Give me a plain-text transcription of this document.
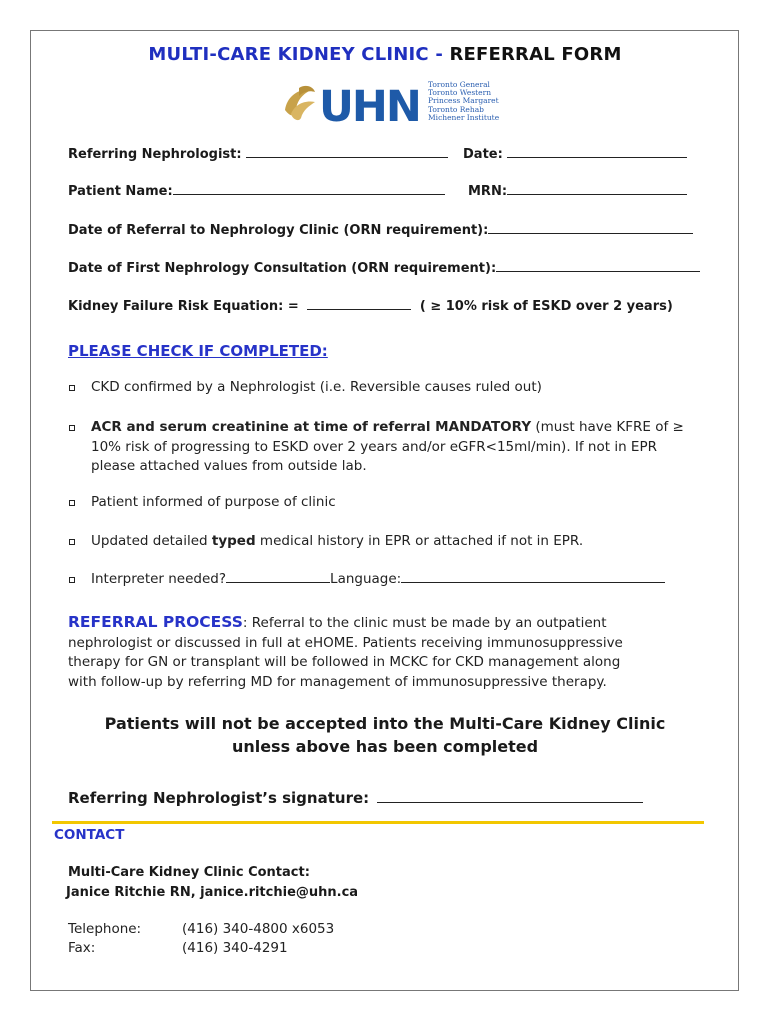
MULTI-CARE KIDNEY CLINIC - REFERRAL FORM
UHN Toronto General
Toronto Western
Princess Margaret
Toronto Rehab
Michener Institute
Referring Nephrologist:	Date:
Patient Name:	MRN:
Date of Referral to Nephrology Clinic (ORN requirement):
Date of First Nephrology Consultation (ORN requirement):
Kidney Failure Risk Equation: =	( ≥ 10% risk of ESKD over 2 years)
PLEASE CHECK IF COMPLETED:
CKD confirmed by a Nephrologist (i.e. Reversible causes ruled out)
ACR and serum creatinine at time of referral MANDATORY (must have KFRE of ≥
10% risk of progressing to ESKD over 2 years and/or eGFR<15ml/min). If not in EPR
please attached values from outside lab.
Patient informed of purpose of clinic
Updated detailed typed medical history in EPR or attached if not in EPR.
Interpreter needed?	Language:
REFERRAL PROCESS: Referral to the clinic must be made by an outpatient
nephrologist or discussed in full at eHOME. Patients receiving immunosuppressive
therapy for GN or transplant will be followed in MCKC for CKD management along
with follow-up by referring MD for management of immunosuppressive therapy.
Patients will not be accepted into the Multi-Care Kidney Clinic
unless above has been completed
Referring Nephrologist’s signature:
CONTACT
Multi-Care Kidney Clinic Contact:
Janice Ritchie RN, janice.ritchie@uhn.ca
Telephone:	(416) 340-4800 x6053
Fax:	(416) 340-4291
